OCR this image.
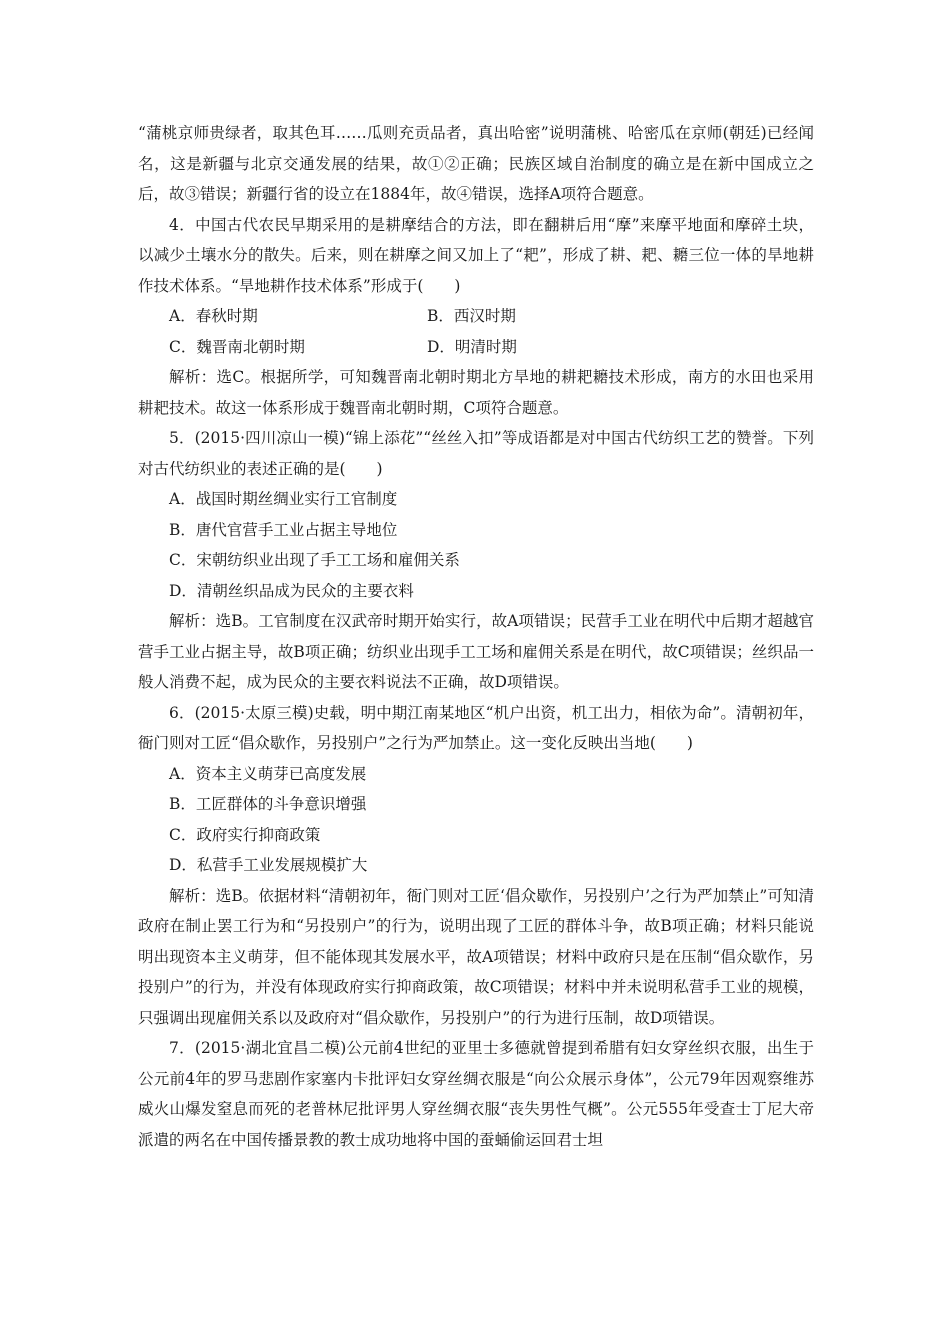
“蒲桃京师贵绿者，取其色耳……瓜则充贡品者，真出哈密”说明蒲桃、哈密瓜在京师(朝廷)已经闻名，这是新疆与北京交通发展的结果，故①②正确；民族区域自治制度的确立是在新中国成立之后，故③错误；新疆行省的设立在1884年，故④错误，选择A项符合题意。

4．中国古代农民早期采用的是耕摩结合的方法，即在翻耕后用“摩”来摩平地面和摩碎土块，以减少土壤水分的散失。后来，则在耕摩之间又加上了“耙”，形成了耕、耙、耱三位一体的旱地耕作技术体系。“旱地耕作技术体系”形成于(　　)

A．春秋时期	B．西汉时期
C．魏晋南北朝时期	D．明清时期

解析：选C。根据所学，可知魏晋南北朝时期北方旱地的耕耙耱技术形成，南方的水田也采用耕耙技术。故这一体系形成于魏晋南北朝时期，C项符合题意。

5．(2015·四川凉山一模)“锦上添花”“丝丝入扣”等成语都是对中国古代纺织工艺的赞誉。下列对古代纺织业的表述正确的是(　　)

A．战国时期丝绸业实行工官制度

B．唐代官营手工业占据主导地位

C．宋朝纺织业出现了手工工场和雇佣关系

D．清朝丝织品成为民众的主要衣料

解析：选B。工官制度在汉武帝时期开始实行，故A项错误；民营手工业在明代中后期才超越官营手工业占据主导，故B项正确；纺织业出现手工工场和雇佣关系是在明代，故C项错误；丝织品一般人消费不起，成为民众的主要衣料说法不正确，故D项错误。

6．(2015·太原三模)史载，明中期江南某地区“机户出资，机工出力，相依为命”。清朝初年，衙门则对工匠“倡众歇作，另投别户”之行为严加禁止。这一变化反映出当地(　　)

A．资本主义萌芽已高度发展

B．工匠群体的斗争意识增强

C．政府实行抑商政策

D．私营手工业发展规模扩大

解析：选B。依据材料“清朝初年，衙门则对工匠‘倡众歇作，另投别户’之行为严加禁止”可知清政府在制止罢工行为和“另投别户”的行为，说明出现了工匠的群体斗争，故B项正确；材料只能说明出现资本主义萌芽，但不能体现其发展水平，故A项错误；材料中政府只是在压制“倡众歇作，另投别户”的行为，并没有体现政府实行抑商政策，故C项错误；材料中并未说明私营手工业的规模，只强调出现雇佣关系以及政府对“倡众歇作，另投别户”的行为进行压制，故D项错误。

7．(2015·湖北宜昌二模)公元前4世纪的亚里士多德就曾提到希腊有妇女穿丝织衣服，出生于公元前4年的罗马悲剧作家塞内卡批评妇女穿丝绸衣服是“向公众展示身体”，公元79年因观察维苏威火山爆发窒息而死的老普林尼批评男人穿丝绸衣服“丧失男性气概”。公元555年受查士丁尼大帝派遣的两名在中国传播景教的教士成功地将中国的蚕蛹偷运回君士坦
